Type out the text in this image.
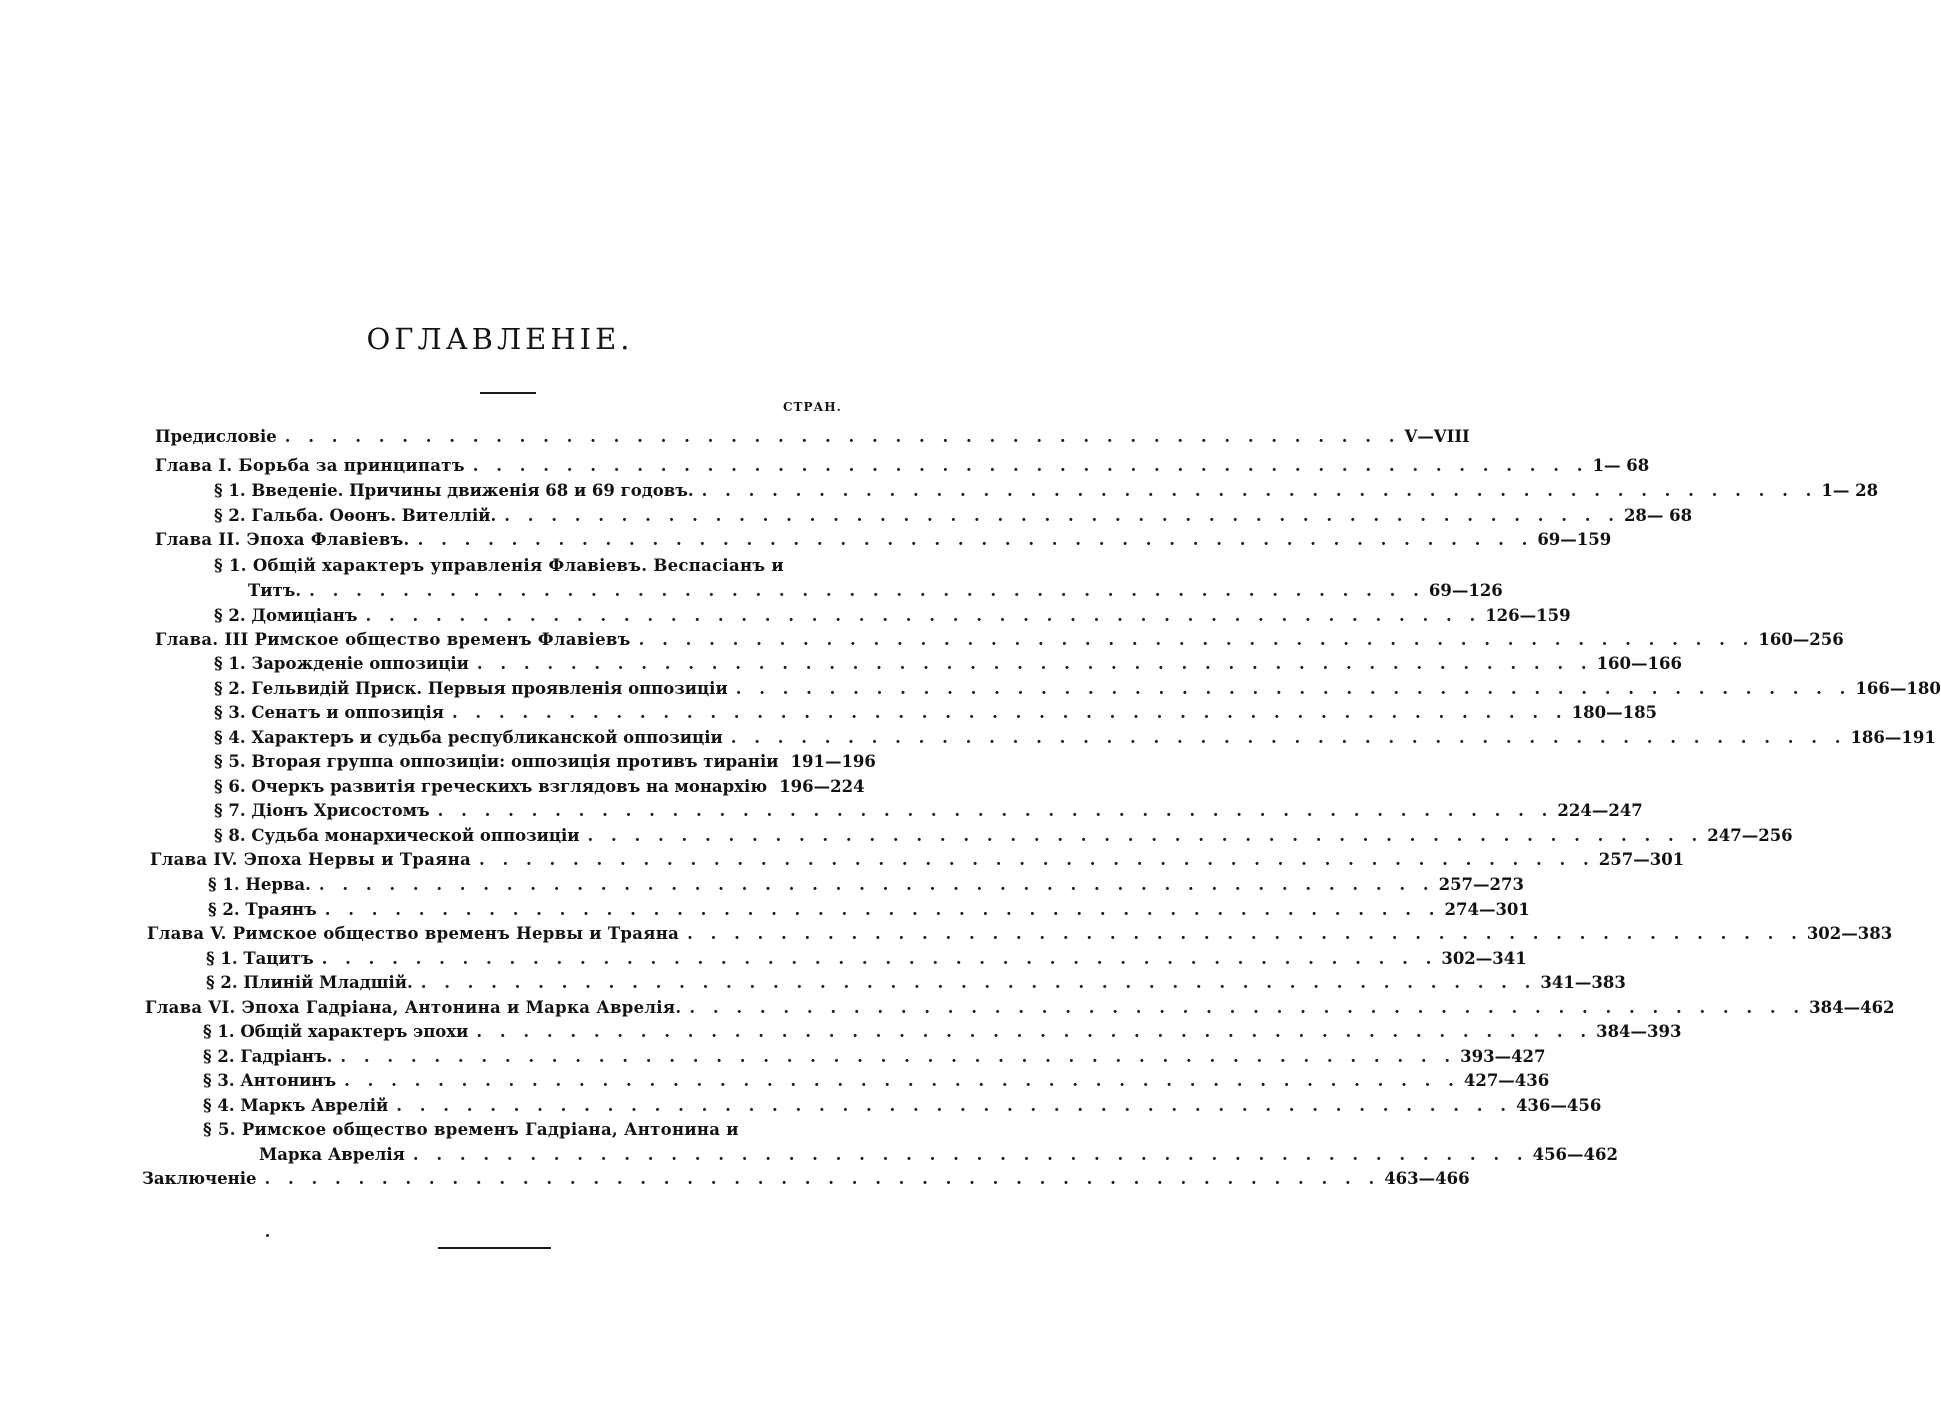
ОГЛАВЛЕНІЕ.
СТРАН.
Предисловіе . . . . . . . . . . . . . . . . . . . . . . . . . . . . . . . . . . . . . . . . . . . . . . . . V—VIII
Глава I. Борьба за принципатъ . . . . . . . . . . . . . . . . . . . . . . . . . . . . . . . . . . . . . . . . . . . . . . . . 1— 68
§ 1. Введеніе. Причины движенія 68 и 69 годовъ. . . . . . . . . . . . . . . . . . . . . . . . . . . . . . . . . . . . . . . . . . . . . . . . . 1— 28
§ 2. Гальба. Оѳонъ. Вителлій. . . . . . . . . . . . . . . . . . . . . . . . . . . . . . . . . . . . . . . . . . . . . . . . . 28— 68
Глава II. Эпоха Флавіевъ. . . . . . . . . . . . . . . . . . . . . . . . . . . . . . . . . . . . . . . . . . . . . . . . . 69—159
§ 1. Общій характеръ управленія Флавіевъ. Веспасіанъ и
Титъ. . . . . . . . . . . . . . . . . . . . . . . . . . . . . . . . . . . . . . . . . . . . . . . . . 69—126
§ 2. Домиціанъ . . . . . . . . . . . . . . . . . . . . . . . . . . . . . . . . . . . . . . . . . . . . . . . . 126—159
Глава. III Римское общество временъ Флавіевъ . . . . . . . . . . . . . . . . . . . . . . . . . . . . . . . . . . . . . . . . . . . . . . . . 160—256
§ 1. Зарожденіе оппозиціи . . . . . . . . . . . . . . . . . . . . . . . . . . . . . . . . . . . . . . . . . . . . . . . . 160—166
§ 2. Гельвидій Приск. Первыя проявленія оппозиціи . . . . . . . . . . . . . . . . . . . . . . . . . . . . . . . . . . . . . . . . . . . . . . . . 166—180
§ 3. Сенатъ и оппозиція . . . . . . . . . . . . . . . . . . . . . . . . . . . . . . . . . . . . . . . . . . . . . . . . 180—185
§ 4. Характеръ и судьба республиканской оппозиціи . . . . . . . . . . . . . . . . . . . . . . . . . . . . . . . . . . . . . . . . . . . . . . . . 186—191
§ 5. Вторая группа оппозиціи: оппозиція противъ тираніи 191—196
§ 6. Очеркъ развитія греческихъ взглядовъ на монархію 196—224
§ 7. Діонъ Хрисостомъ . . . . . . . . . . . . . . . . . . . . . . . . . . . . . . . . . . . . . . . . . . . . . . . . 224—247
§ 8. Судьба монархической оппозиціи . . . . . . . . . . . . . . . . . . . . . . . . . . . . . . . . . . . . . . . . . . . . . . . . 247—256
Глава IV. Эпоха Нервы и Траяна . . . . . . . . . . . . . . . . . . . . . . . . . . . . . . . . . . . . . . . . . . . . . . . . 257—301
§ 1. Нерва. . . . . . . . . . . . . . . . . . . . . . . . . . . . . . . . . . . . . . . . . . . . . . . . . 257—273
§ 2. Траянъ . . . . . . . . . . . . . . . . . . . . . . . . . . . . . . . . . . . . . . . . . . . . . . . . 274—301
Глава V. Римское общество временъ Нервы и Траяна . . . . . . . . . . . . . . . . . . . . . . . . . . . . . . . . . . . . . . . . . . . . . . . . 302—383
§ 1. Тацитъ . . . . . . . . . . . . . . . . . . . . . . . . . . . . . . . . . . . . . . . . . . . . . . . . 302—341
§ 2. Плиній Младшій. . . . . . . . . . . . . . . . . . . . . . . . . . . . . . . . . . . . . . . . . . . . . . . . . 341—383
Глава VI. Эпоха Гадріана, Антонина и Марка Аврелія. . . . . . . . . . . . . . . . . . . . . . . . . . . . . . . . . . . . . . . . . . . . . . . . . 384—462
§ 1. Общій характеръ эпохи . . . . . . . . . . . . . . . . . . . . . . . . . . . . . . . . . . . . . . . . . . . . . . . . 384—393
§ 2. Гадріанъ. . . . . . . . . . . . . . . . . . . . . . . . . . . . . . . . . . . . . . . . . . . . . . . . . 393—427
§ 3. Антонинъ . . . . . . . . . . . . . . . . . . . . . . . . . . . . . . . . . . . . . . . . . . . . . . . . 427—436
§ 4. Маркъ Аврелій . . . . . . . . . . . . . . . . . . . . . . . . . . . . . . . . . . . . . . . . . . . . . . . . 436—456
§ 5. Римское общество временъ Гадріана, Антонина и
Марка Аврелія . . . . . . . . . . . . . . . . . . . . . . . . . . . . . . . . . . . . . . . . . . . . . . . . 456—462
Заключеніе . . . . . . . . . . . . . . . . . . . . . . . . . . . . . . . . . . . . . . . . . . . . . . . . 463—466
